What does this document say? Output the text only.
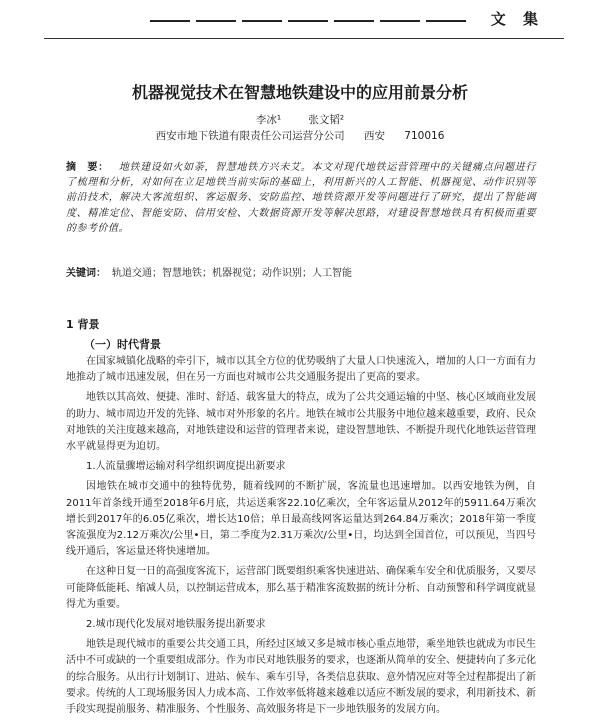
文 集
机器视觉技术在智慧地铁建设中的应用前景分析
李冰¹	张文韬²
西安市地下铁道有限责任公司运营分公司 西安 710016
摘　要： 地铁建设如火如荼，智慧地铁方兴未艾。本文对现代地铁运营管理中的关键痛点问题进行了梳理和分析，对如何在立足地铁当前实际的基础上，利用新兴的人工智能、机器视觉、动作识别等前沿技术，解决大客流组织、客运服务、安防监控、地铁资源开发等问题进行了研究，提出了智能调度、精准定位、智能安防、信用安检、大数据资源开发等解决思路，对建设智慧地铁具有积极而重要的参考价值。
关键词： 轨道交通；智慧地铁；机器视觉；动作识别；人工智能
1 背景
（一）时代背景

在国家城镇化战略的牵引下，城市以其全方位的优势吸纳了大量人口快速流入，增加的人口一方面有力地推动了城市迅速发展，但在另一方面也对城市公共交通服务提出了更高的要求。

地铁以其高效、便捷、准时、舒适、载客量大的特点，成为了公共交通运输的中坚、核心区域商业发展的助力、城市周边开发的先锋、城市对外形象的名片。地铁在城市公共服务中地位越来越重要，政府、民众对地铁的关注度越来越高，对地铁建设和运营的管理者来说，建设智慧地铁、不断提升现代化地铁运营管理水平就显得更为迫切。

1.人流量骤增运输对科学组织调度提出新要求

因地铁在城市交通中的独特优势，随着线网的不断扩展，客流量也迅速增加。以西安地铁为例，自2011年首条线开通至2018年6月底，共运送乘客22.10亿乘次，全年客运量从2012年的5911.64万乘次增长到2017年的6.05亿乘次，增长达10倍；单日最高线网客运量达到264.84万乘次；2018年第一季度客流强度为2.12万乘次/公里•日，第二季度为2.31万乘次/公里•日，均达到全国首位，可以预见，当四号线开通后，客运量还将快速增加。

在这种日复一日的高强度客流下，运营部门既要组织乘客快速进站、确保乘车安全和优质服务，又要尽可能降低能耗、缩减人员，以控制运营成本，那么基于精准客流数据的统计分析、自动预警和科学调度就显得尤为重要。

2.城市现代化发展对地铁服务提出新要求

地铁是现代城市的重要公共交通工具，所经过区域又多是城市核心重点地带，乘坐地铁也就成为市民生活中不可或缺的一个重要组成部分。作为市民对地铁服务的要求，也逐渐从简单的安全、便捷转向了多元化的综合服务。从出行计划制订、进站、候车、乘车引导，各类信息获取、意外情况应对等全过程都提出了新要求。传统的人工现场服务因人力成本高、工作效率低将越来越难以适应不断发展的要求，利用新技术、新手段实现提前服务、精准服务、个性服务、高效服务将是下一步地铁服务的发展方向。
